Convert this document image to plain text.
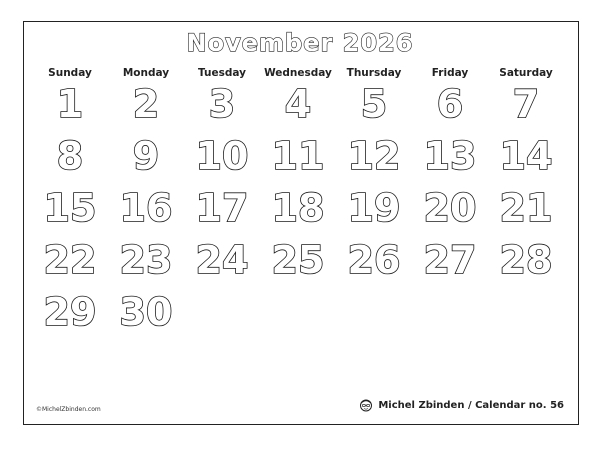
November 2026
Sunday	Monday	Tuesday	Wednesday	Thursday	Friday	Saturday
1	2	3	4	5	6	7
8	9 10 11 12 13 14
15 16 17 18 19 20 21
22 23 24 25 26 27 28
29 30
©MichelZbinden.com	Michel Zbinden / Calendar no. 56
